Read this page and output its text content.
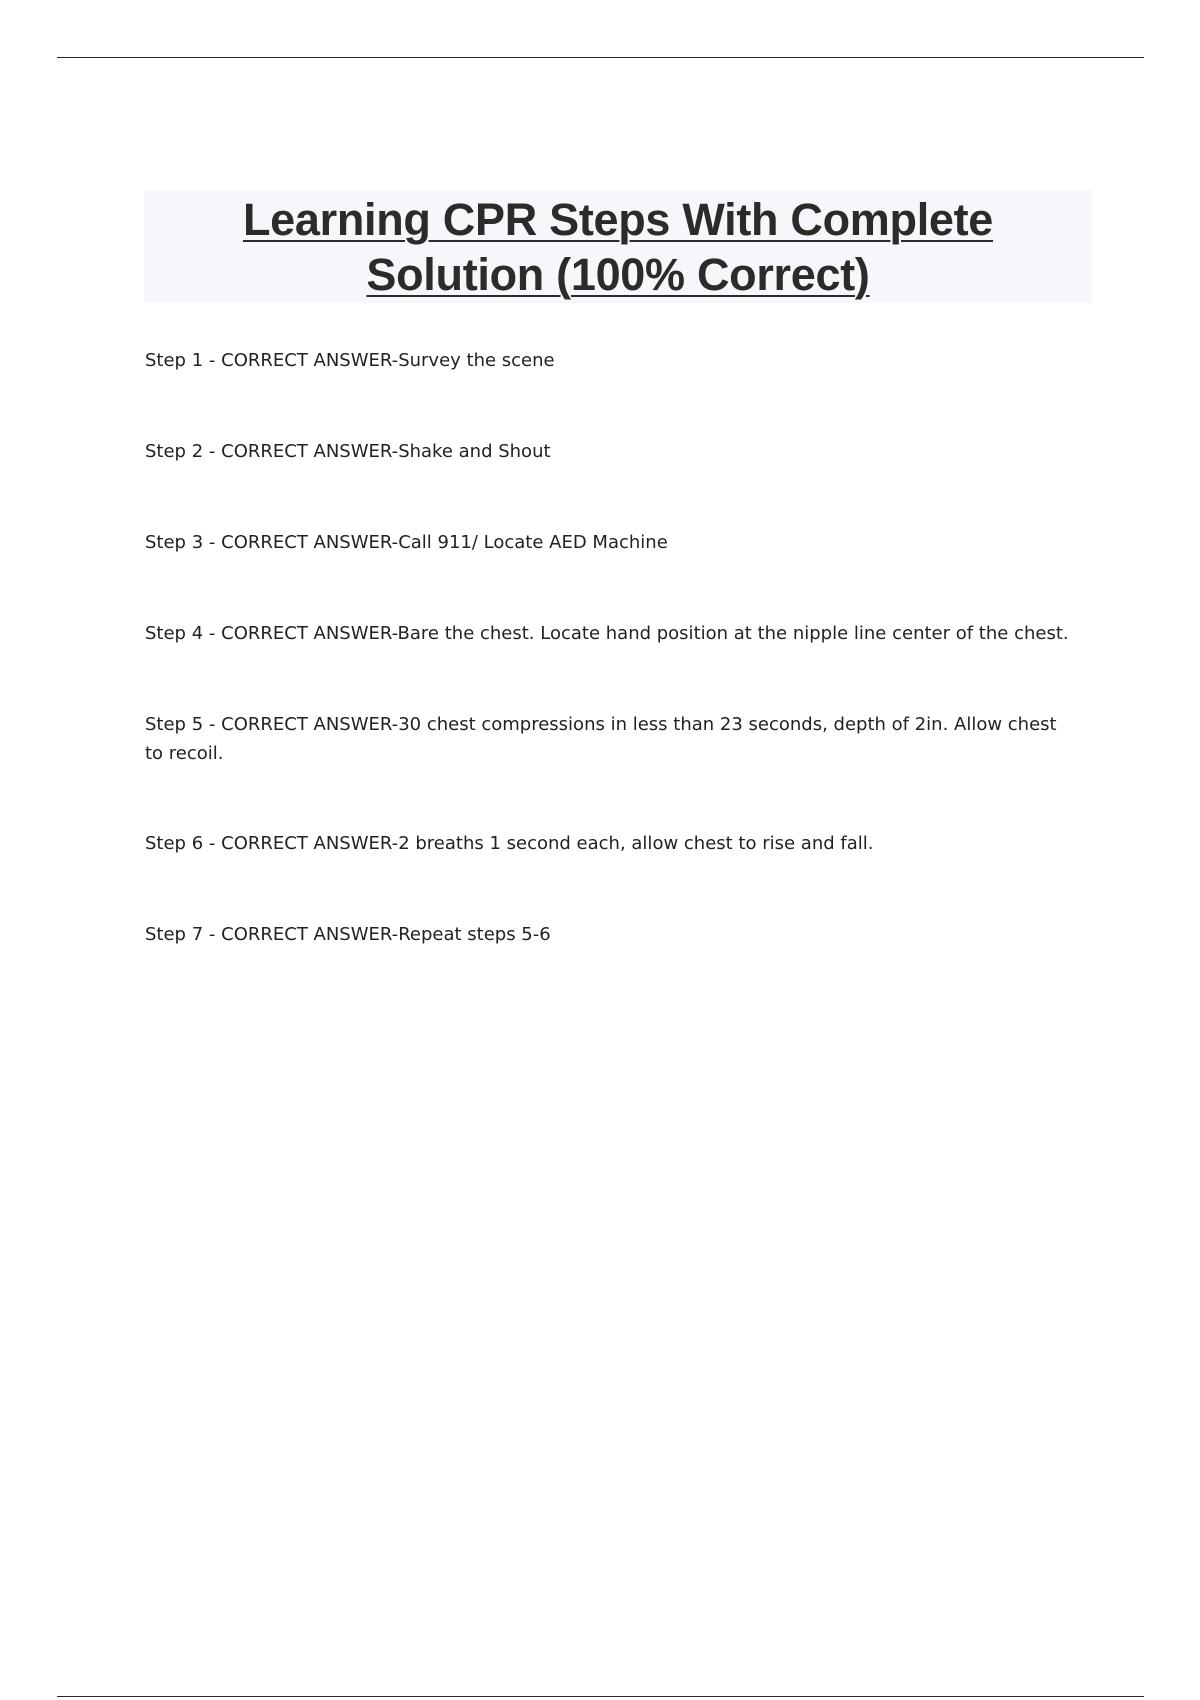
Learning CPR Steps With Complete
Solution (100% Correct)
Step 1 - CORRECT ANSWER-Survey the scene
Step 2 - CORRECT ANSWER-Shake and Shout
Step 3 - CORRECT ANSWER-Call 911/ Locate AED Machine
Step 4 - CORRECT ANSWER-Bare the chest. Locate hand position at the nipple line center of the chest.
Step 5 - CORRECT ANSWER-30 chest compressions in less than 23 seconds, depth of 2in. Allow chest to recoil.
Step 6 - CORRECT ANSWER-2 breaths 1 second each, allow chest to rise and fall.
Step 7 - CORRECT ANSWER-Repeat steps 5-6
